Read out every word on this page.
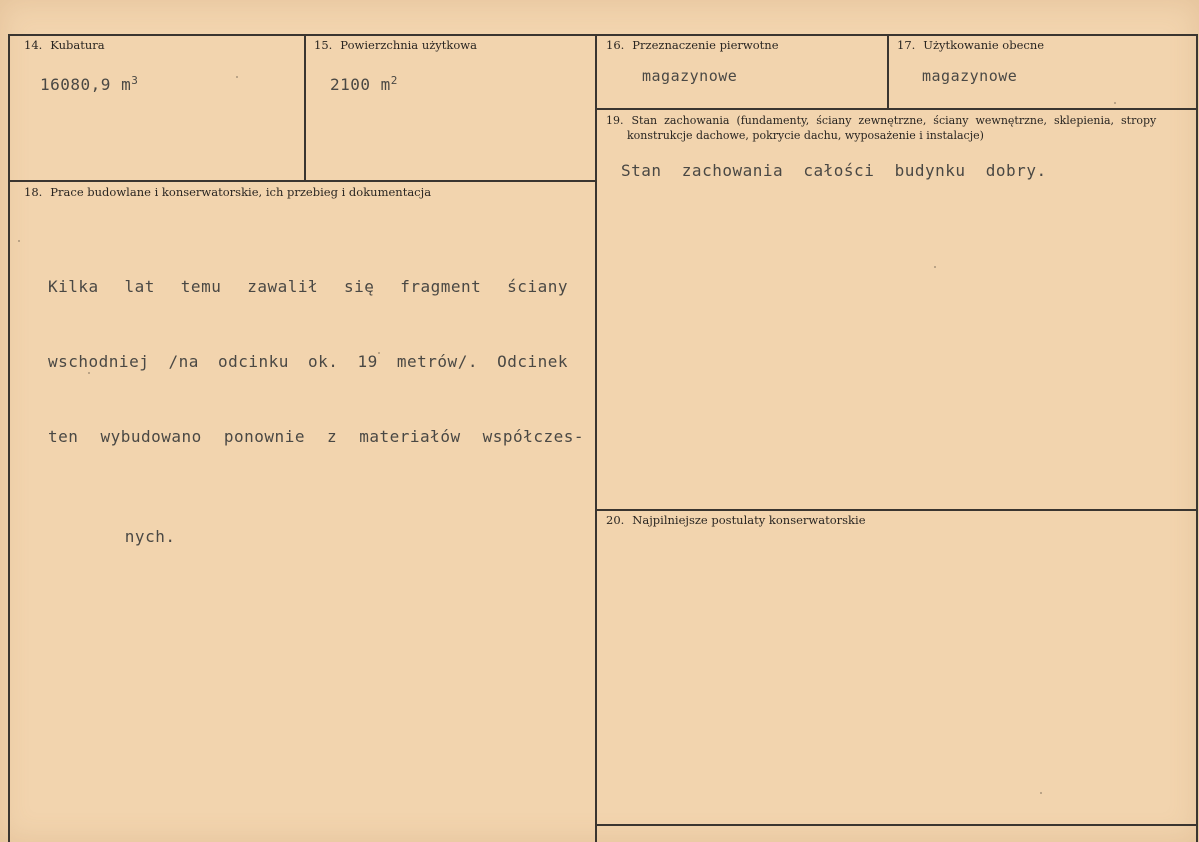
14. Kubatura
16080,9 $m^3$
15. Powierzchnia użytkowa
2100 $m^2$
16. Przeznaczenie pierwotne
magazynowe
17. Użytkowanie obecne
magazynowe
18. Prace budowlane i konserwatorskie, ich przebieg i dokumentacja

Kilka lat temu zawalił się fragment ściany

wschodniej /na odcinku ok. 19 metrów/. Odcinek

ten wybudowano ponownie z materiałów współczes-

nych.

19. Stan  zachowania  (fundamenty,  ściany  zewnętrzne,  ściany  wewnętrzne,  sklepienia,  stropy
konstrukcje dachowe, pokrycie dachu, wyposażenie i instalacje)
Stan  zachowania  całości  budynku  dobry.
20. Najpilniejsze postulaty konserwatorskie
